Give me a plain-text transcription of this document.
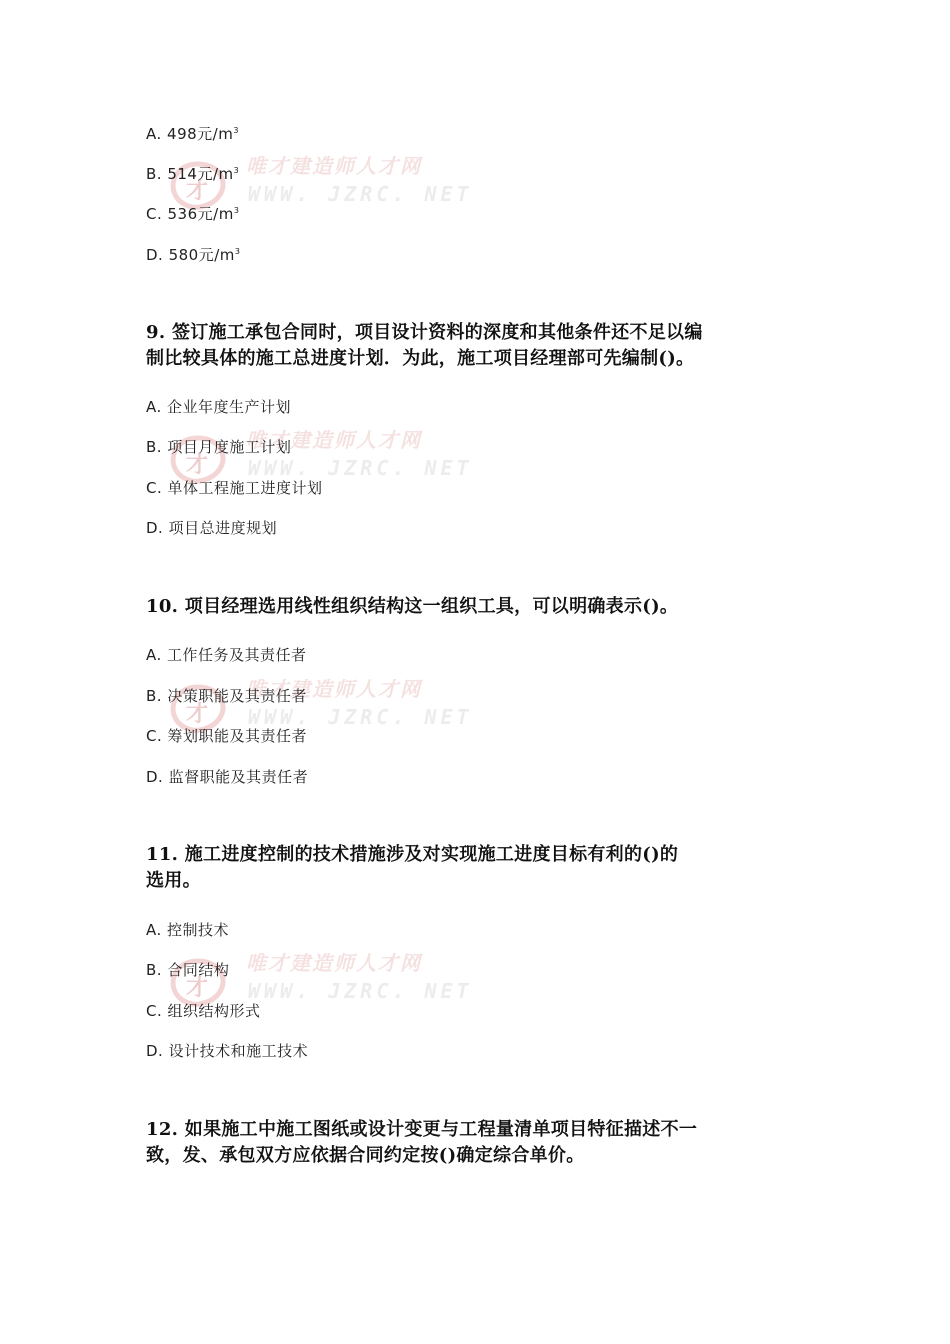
才
唯才建造师人才网
WWW. JZRC. NET
才
唯才建造师人才网
WWW. JZRC. NET
才
唯才建造师人才网
WWW. JZRC. NET
才
唯才建造师人才网
WWW. JZRC. NET
A. 498元$/m^3$
B. 514元$/m^3$
C. 536元$/m^3$
D. 580元$/m^3$
9. 签订施工承包合同时，项目设计资料的深度和其他条件还不足以编
制比较具体的施工总进度计划．为此，施工项目经理部可先编制()。
A. 企业年度生产计划
B. 项目月度施工计划
C. 单体工程施工进度计划
D. 项目总进度规划
10. 项目经理选用线性组织结构这一组织工具，可以明确表示()。
A. 工作任务及其责任者
B. 决策职能及其责任者
C. 筹划职能及其责任者
D. 监督职能及其责任者
11. 施工进度控制的技术措施涉及对实现施工进度目标有利的()的
选用。
A. 控制技术
B. 合同结构
C. 组织结构形式
D. 设计技术和施工技术
12. 如果施工中施工图纸或设计变更与工程量清单项目特征描述不一
致，发、承包双方应依据合同约定按()确定综合单价。
